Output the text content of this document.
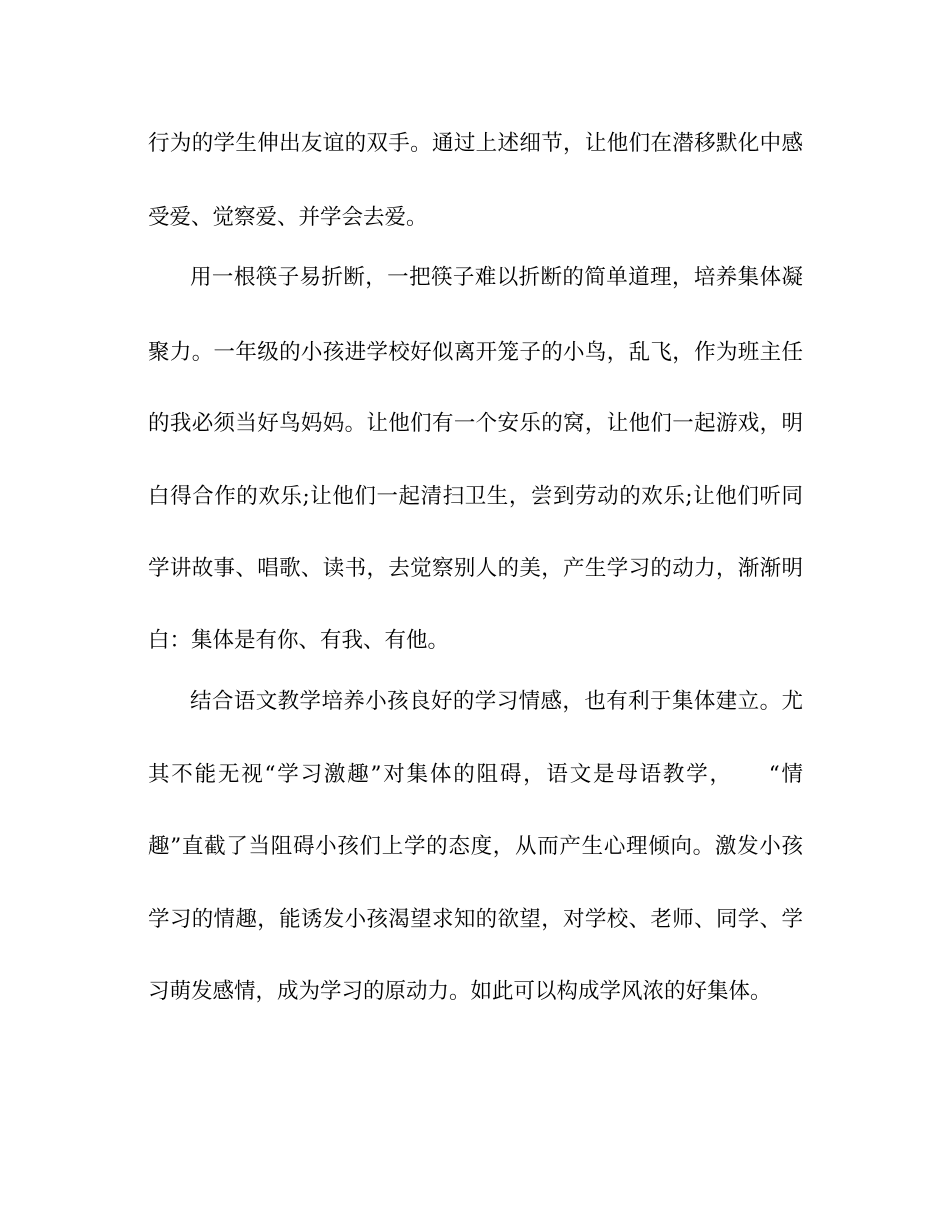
行为的学生伸出友谊的双手。通过上述细节，让他们在潜移默化中感
受爱、觉察爱、并学会去爱。
用一根筷子易折断，一把筷子难以折断的简单道理，培养集体凝
聚力。一年级的小孩进学校好似离开笼子的小鸟，乱飞，作为班主任
的我必须当好鸟妈妈。让他们有一个安乐的窝，让他们一起游戏，明
白得合作的欢乐;让他们一起清扫卫生，尝到劳动的欢乐;让他们听同
学讲故事、唱歌、读书，去觉察别人的美，产生学习的动力，渐渐明
白：集体是有你、有我、有他。
结合语文教学培养小孩良好的学习情感，也有利于集体建立。尤
其不能无视“学习激趣”对集体的阻碍，语文是母语教学，　　“情
趣”直截了当阻碍小孩们上学的态度，从而产生心理倾向。激发小孩
学习的情趣，能诱发小孩渴望求知的欲望，对学校、老师、同学、学
习萌发感情，成为学习的原动力。如此可以构成学风浓的好集体。
